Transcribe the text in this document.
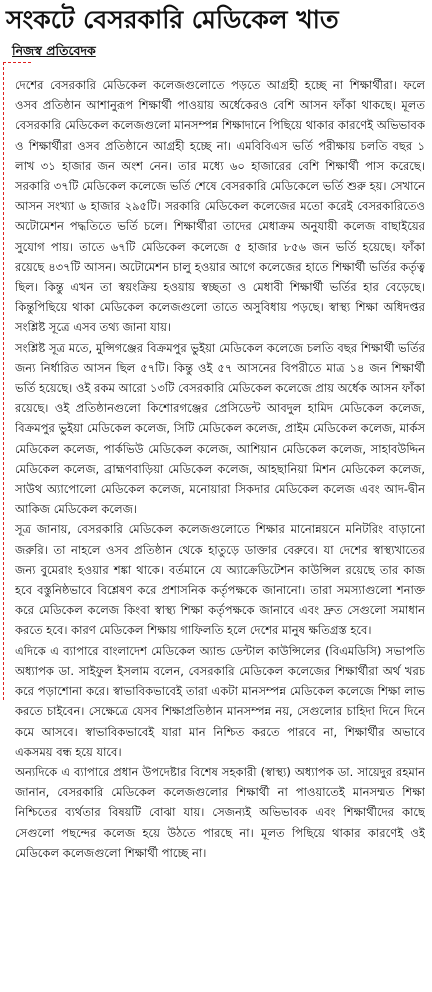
সংকটে বেসরকারি মেডিকেল খাত
নিজস্ব প্রতিবেদক

দেশের বেসরকারি মেডিকেল কলেজগুলোতে পড়তে আগ্রহী হচ্ছে না শিক্ষার্থীরা। ফলে ওসব প্রতিষ্ঠান আশানুরূপ শিক্ষার্থী পাওয়ায় অর্ধেকেরও বেশি আসন ফাঁকা থাকছে। মূলত বেসরকারি মেডিকেল কলেজগুলো মানসম্পন্ন শিক্ষাদানে পিছিয়ে থাকার কারণেই অভিভাবক ও শিক্ষার্থীরা ওসব প্রতিষ্ঠানে আগ্রহী হচ্ছে না। এমবিবিএস ভর্তি পরীক্ষায় চলতি বছর ১ লাখ ৩১ হাজার জন অংশ নেন। তার মধ্যে ৬০ হাজারের বেশি শিক্ষার্থী পাস করেছে। সরকারি ৩৭টি মেডিকেল কলেজে ভর্তি শেষে বেসরকারি মেডিকেলে ভর্তি শুরু হয়। সেখানে আসন সংখ্যা ৬ হাজার ২৯৫টি। সরকারি মেডিকেল কলেজের মতো করেই বেসরকারিতেও অটোমেশন পদ্ধতিতে ভর্তি চলে। শিক্ষার্থীরা তাদের মেধাক্রম অনুযায়ী কলেজ বাছাইয়ের সুযোগ পায়। তাতে ৬৭টি মেডিকেল কলেজে ৫ হাজার ৮৫৬ জন ভর্তি হয়েছে। ফাঁকা রয়েছে ৪৩৭টি আসন। অটোমেশন চালু হওয়ার আগে কলেজের হাতে শিক্ষার্থী ভর্তির কর্তৃত্ব ছিল। কিন্তু এখন তা স্বয়ংক্রিয় হওয়ায় স্বচ্ছতা ও মেধাবী শিক্ষার্থী ভর্তির হার বেড়েছে। কিন্তুপিছিয়ে থাকা মেডিকেল কলেজগুলো তাতে অসুবিধায় পড়ছে। স্বাস্থ্য শিক্ষা অধিদপ্তর সংশ্লিষ্ট সূত্রে এসব তথ্য জানা যায়।

সংশ্লিষ্ট সূত্র মতে, মুন্সিগঞ্জের বিক্রমপুর ভুইয়া মেডিকেল কলেজে চলতি বছর শিক্ষার্থী ভর্তির জন্য নির্ধারিত আসন ছিল ৫৭টি। কিন্তু ওই ৫৭ আসনের বিপরীতে মাত্র ১৪ জন শিক্ষার্থী ভর্তি হয়েছে। ওই রকম আরো ১৩টি বেসরকারি মেডিকেল কলেজে প্রায় অর্ধেক আসন ফাঁকা রয়েছে। ওই প্রতিষ্ঠানগুলো কিশোরগঞ্জের প্রেসিডেন্ট আবদুল হামিদ মেডিকেল কলেজ, বিক্রমপুর ভুইয়া মেডিকেল কলেজ, সিটি মেডিকেল কলেজ, প্রাইম মেডিকেল কলেজ, মার্কস মেডিকেল কলেজ, পার্কভিউ মেডিকেল কলেজ, আশিয়ান মেডিকেল কলেজ, সাহাবউদ্দিন মেডিকেল কলেজ, ব্রাহ্মণবাড়িয়া মেডিকেল কলেজ, আহছানিয়া মিশন মেডিকেল কলেজ, সাউথ অ্যাপোলো মেডিকেল কলেজ, মনোয়ারা সিকদার মেডিকেল কলেজ এবং আদ-দ্বীন আকিজ মেডিকেল কলেজ।

সূত্র জানায়, বেসরকারি মেডিকেল কলেজগুলোতে শিক্ষার মানোন্নয়নে মনিটরিং বাড়ানো জরুরি। তা নাহলে ওসব প্রতিষ্ঠান থেকে হাতুড়ে ডাক্তার বেরুবে। যা দেশের স্বাস্থ্যখাতের জন্য বুমেরাং হওয়ার শঙ্কা থাকে। বর্তমানে যে অ্যাক্রেডিটেশন কাউন্সিল রয়েছে তার কাজ হবে বস্তুনিষ্ঠভাবে বিশ্লেষণ করে প্রশাসনিক কর্তৃপক্ষকে জানানো। তারা সমস্যাগুলো শনাক্ত করে মেডিকেল কলেজ কিংবা স্বাস্থ্য শিক্ষা কর্তৃপক্ষকে জানাবে এবং দ্রুত সেগুলো সমাধান করতে হবে। কারণ মেডিকেল শিক্ষায় গাফিলতি হলে দেশের মানুষ ক্ষতিগ্রস্ত হবে।

এদিকে এ ব্যাপারে বাংলাদেশ মেডিকেল অ্যান্ড ডেন্টাল কাউন্সিলের (বিএমডিসি) সভাপতি অধ্যাপক ডা. সাইফুল ইসলাম বলেন, বেসরকারি মেডিকেল কলেজের শিক্ষার্থীরা অর্থ খরচ করে পড়াশোনা করে। স্বাভাবিকভাবেই তারা একটা মানসম্পন্ন মেডিকেল কলেজে শিক্ষা লাভ করতে চাইবেন। সেক্ষেত্রে যেসব শিক্ষাপ্রতিষ্ঠান মানসম্পন্ন নয়, সেগুলোর চাহিদা দিনে দিনে কমে আসবে। স্বাভাবিকভাবেই যারা মান নিশ্চিত করতে পারবে না, শিক্ষার্থীর অভাবে একসময় বন্ধ হয়ে যাবে।

অন্যদিকে এ ব্যাপারে প্রধান উপদেষ্টার বিশেষ সহকারী (স্বাস্থ্য) অধ্যাপক ডা. সায়েদুর রহমান জানান, বেসরকারি মেডিকেল কলেজগুলোর শিক্ষার্থী না পাওয়াতেই মানসম্মত শিক্ষা নিশ্চিতের ব্যর্থতার বিষয়টি বোঝা যায়। সেজন্যই অভিভাবক এবং শিক্ষার্থীদের কাছে সেগুলো পছন্দের কলেজ হয়ে উঠতে পারছে না। মূলত পিছিয়ে থাকার কারণেই ওই মেডিকেল কলেজগুলো শিক্ষার্থী পাচ্ছে না।
